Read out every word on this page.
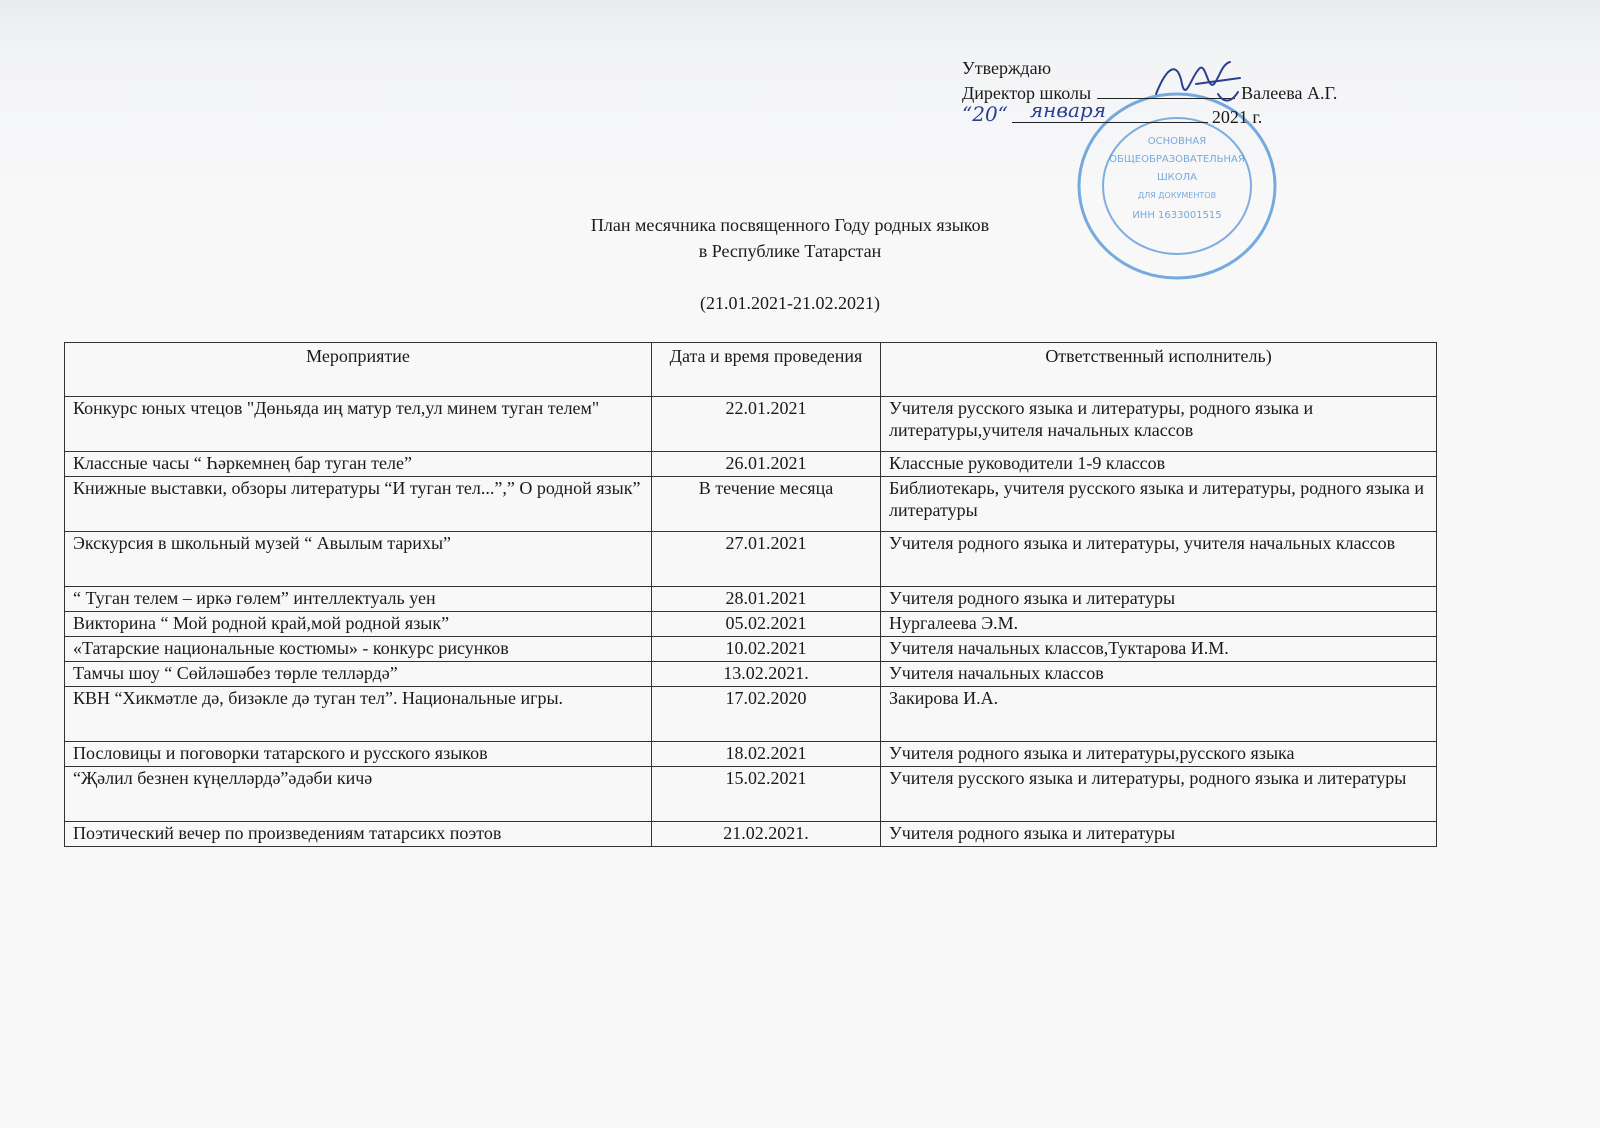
ОСНОВНАЯ
ОБЩЕОБРАЗОВАТЕЛЬНАЯ
ШКОЛА
ДЛЯ ДОКУМЕНТОВ
ИНН 1633001515
Утверждаю
Директор школы	Валеева А.Г.
“20“ января	2021 г.
План месячника посвященного Году родных языков
в Республике Татарстан
(21.01.2021-21.02.2021)
Мероприятие	Дата и время проведения	Ответственный исполнитель)
Конкурс юных чтецов "Дөньяда иң матур тел,ул минем туган телем"	22.01.2021	Учителя русского языка и литературы, родного языка и литературы,учителя начальных классов
Классные часы “ Һәркемнең бар туган теле”	26.01.2021	Классные руководители 1-9 классов
Книжные выставки, обзоры литературы “И туган тел...”,” О родной язык”	В течение месяца	Библиотекарь, учителя русского языка и литературы, родного языка и литературы
Экскурсия в школьный музей “ Авылым тарихы”	27.01.2021	Учителя родного языка и литературы, учителя начальных классов
“ Туган телем – иркә гөлем” интеллектуаль уен	28.01.2021	Учителя родного языка и литературы
Викторина “ Мой родной край,мой родной язык”	05.02.2021	Нургалеева Э.М.
«Татарские национальные костюмы» - конкурс рисунков	10.02.2021	Учителя начальных классов,Туктарова И.М.
Тамчы шоу “ Сөйләшәбез төрле телләрдә”	13.02.2021.	Учителя начальных классов
КВН “Хикмәтле дә, бизәкле дә туган тел”. Национальные игры.	17.02.2020	Закирова И.А.
Пословицы и поговорки татарского и русского языков	18.02.2021	Учителя родного языка и литературы,русского языка
“Җәлил безнен күңелләрдә”әдәби кичә	15.02.2021	Учителя русского языка и литературы, родного языка и литературы
Поэтический вечер по произведениям татарсикх поэтов	21.02.2021.	Учителя родного языка и литературы
